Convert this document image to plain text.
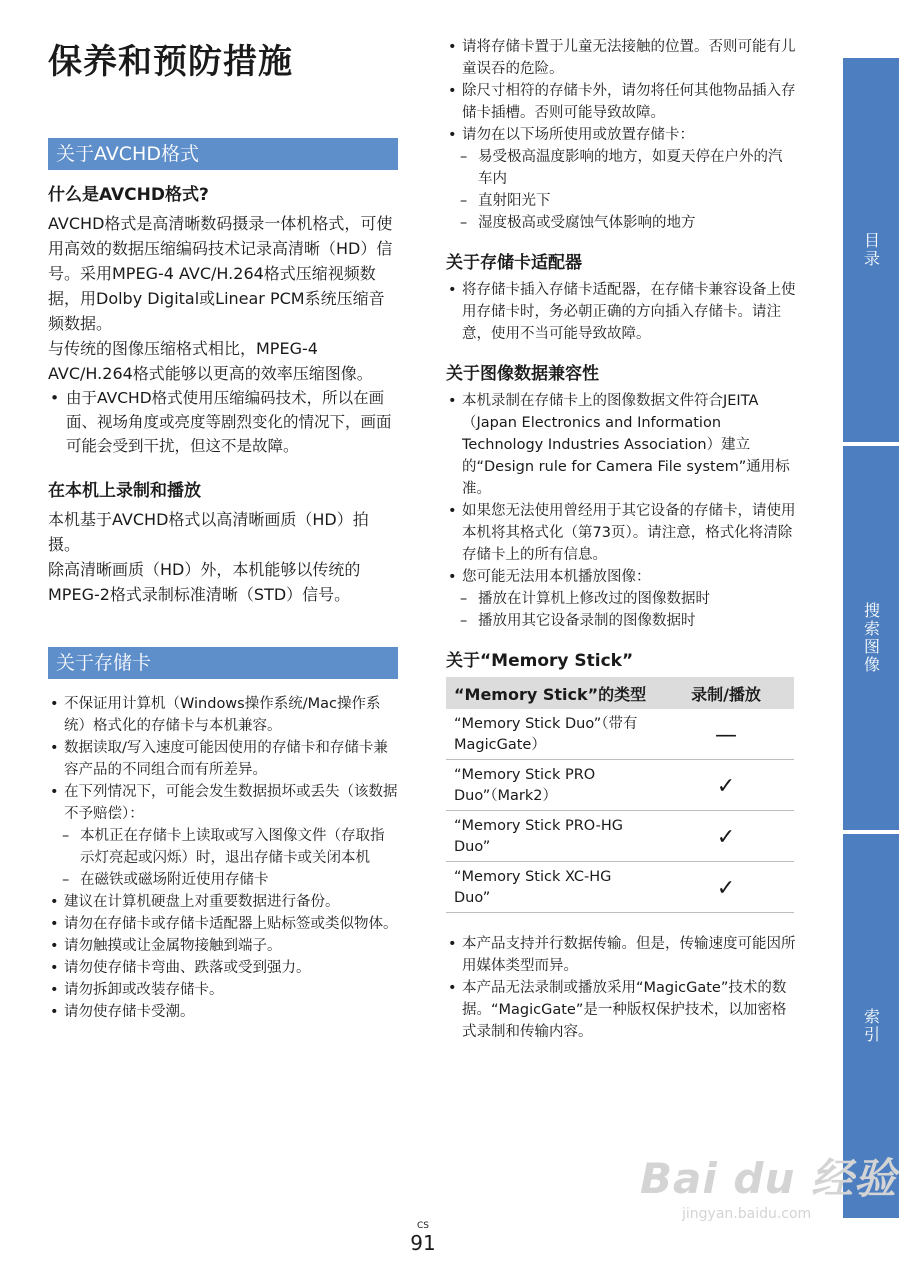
保养和预防措施
关于AVCHD格式
什么是AVCHD格式?
AVCHD格式是高清晰数码摄录一体机格式，可使用高效的数据压缩编码技术记录高清晰（HD）信号。采用MPEG-4 AVC/H.264格式压缩视频数据，用Dolby Digital或Linear PCM系统压缩音频数据。
与传统的图像压缩格式相比，MPEG-4 AVC/H.264格式能够以更高的效率压缩图像。
• 由于AVCHD格式使用压缩编码技术，所以在画面、视场角度或亮度等剧烈变化的情况下，画面可能会受到干扰，但这不是故障。
在本机上录制和播放
本机基于AVCHD格式以高清晰画质（HD）拍摄。
除高清晰画质（HD）外，本机能够以传统的MPEG-2格式录制标准清晰（STD）信号。
关于存储卡
• 不保证用计算机（Windows操作系统/Mac操作系统）格式化的存储卡与本机兼容。
• 数据读取/写入速度可能因使用的存储卡和存储卡兼容产品的不同组合而有所差异。
• 在下列情况下，可能会发生数据损坏或丢失（该数据不予赔偿）：
– 本机正在存储卡上读取或写入图像文件（存取指示灯亮起或闪烁）时，退出存储卡或关闭本机
– 在磁铁或磁场附近使用存储卡
• 建议在计算机硬盘上对重要数据进行备份。
• 请勿在存储卡或存储卡适配器上贴标签或类似物体。
• 请勿触摸或让金属物接触到端子。
• 请勿使存储卡弯曲、跌落或受到强力。
• 请勿拆卸或改装存储卡。
• 请勿使存储卡受潮。
• 请将存储卡置于儿童无法接触的位置。否则可能有儿童误吞的危险。
• 除尺寸相符的存储卡外，请勿将任何其他物品插入存储卡插槽。否则可能导致故障。
• 请勿在以下场所使用或放置存储卡：
– 易受极高温度影响的地方，如夏天停在户外的汽车内
– 直射阳光下
– 湿度极高或受腐蚀气体影响的地方
关于存储卡适配器
• 将存储卡插入存储卡适配器，在存储卡兼容设备上使用存储卡时，务必朝正确的方向插入存储卡。请注意，使用不当可能导致故障。
关于图像数据兼容性
• 本机录制在存储卡上的图像数据文件符合JEITA（Japan Electronics and Information Technology Industries Association）建立的“Design rule for Camera File system”通用标准。
• 如果您无法使用曾经用于其它设备的存储卡，请使用本机将其格式化（第73页）。请注意，格式化将清除存储卡上的所有信息。
• 您可能无法用本机播放图像：
– 播放在计算机上修改过的图像数据时
– 播放用其它设备录制的图像数据时
关于“Memory Stick”
“Memory Stick”的类型	录制/播放
“Memory Stick Duo”（带有MagicGate）	—
“Memory Stick PRO Duo”（Mark2）	✓
“Memory Stick PRO-HG Duo”	✓
“Memory Stick XC-HG Duo”	✓
• 本产品支持并行数据传输。但是，传输速度可能因所用媒体类型而异。
• 本产品无法录制或播放采用“MagicGate”技术的数据。“MagicGate”是一种版权保护技术，以加密格式录制和传输内容。
目录
搜索图像
索引
CS
91
Bai du 经验
jingyan.baidu.com
